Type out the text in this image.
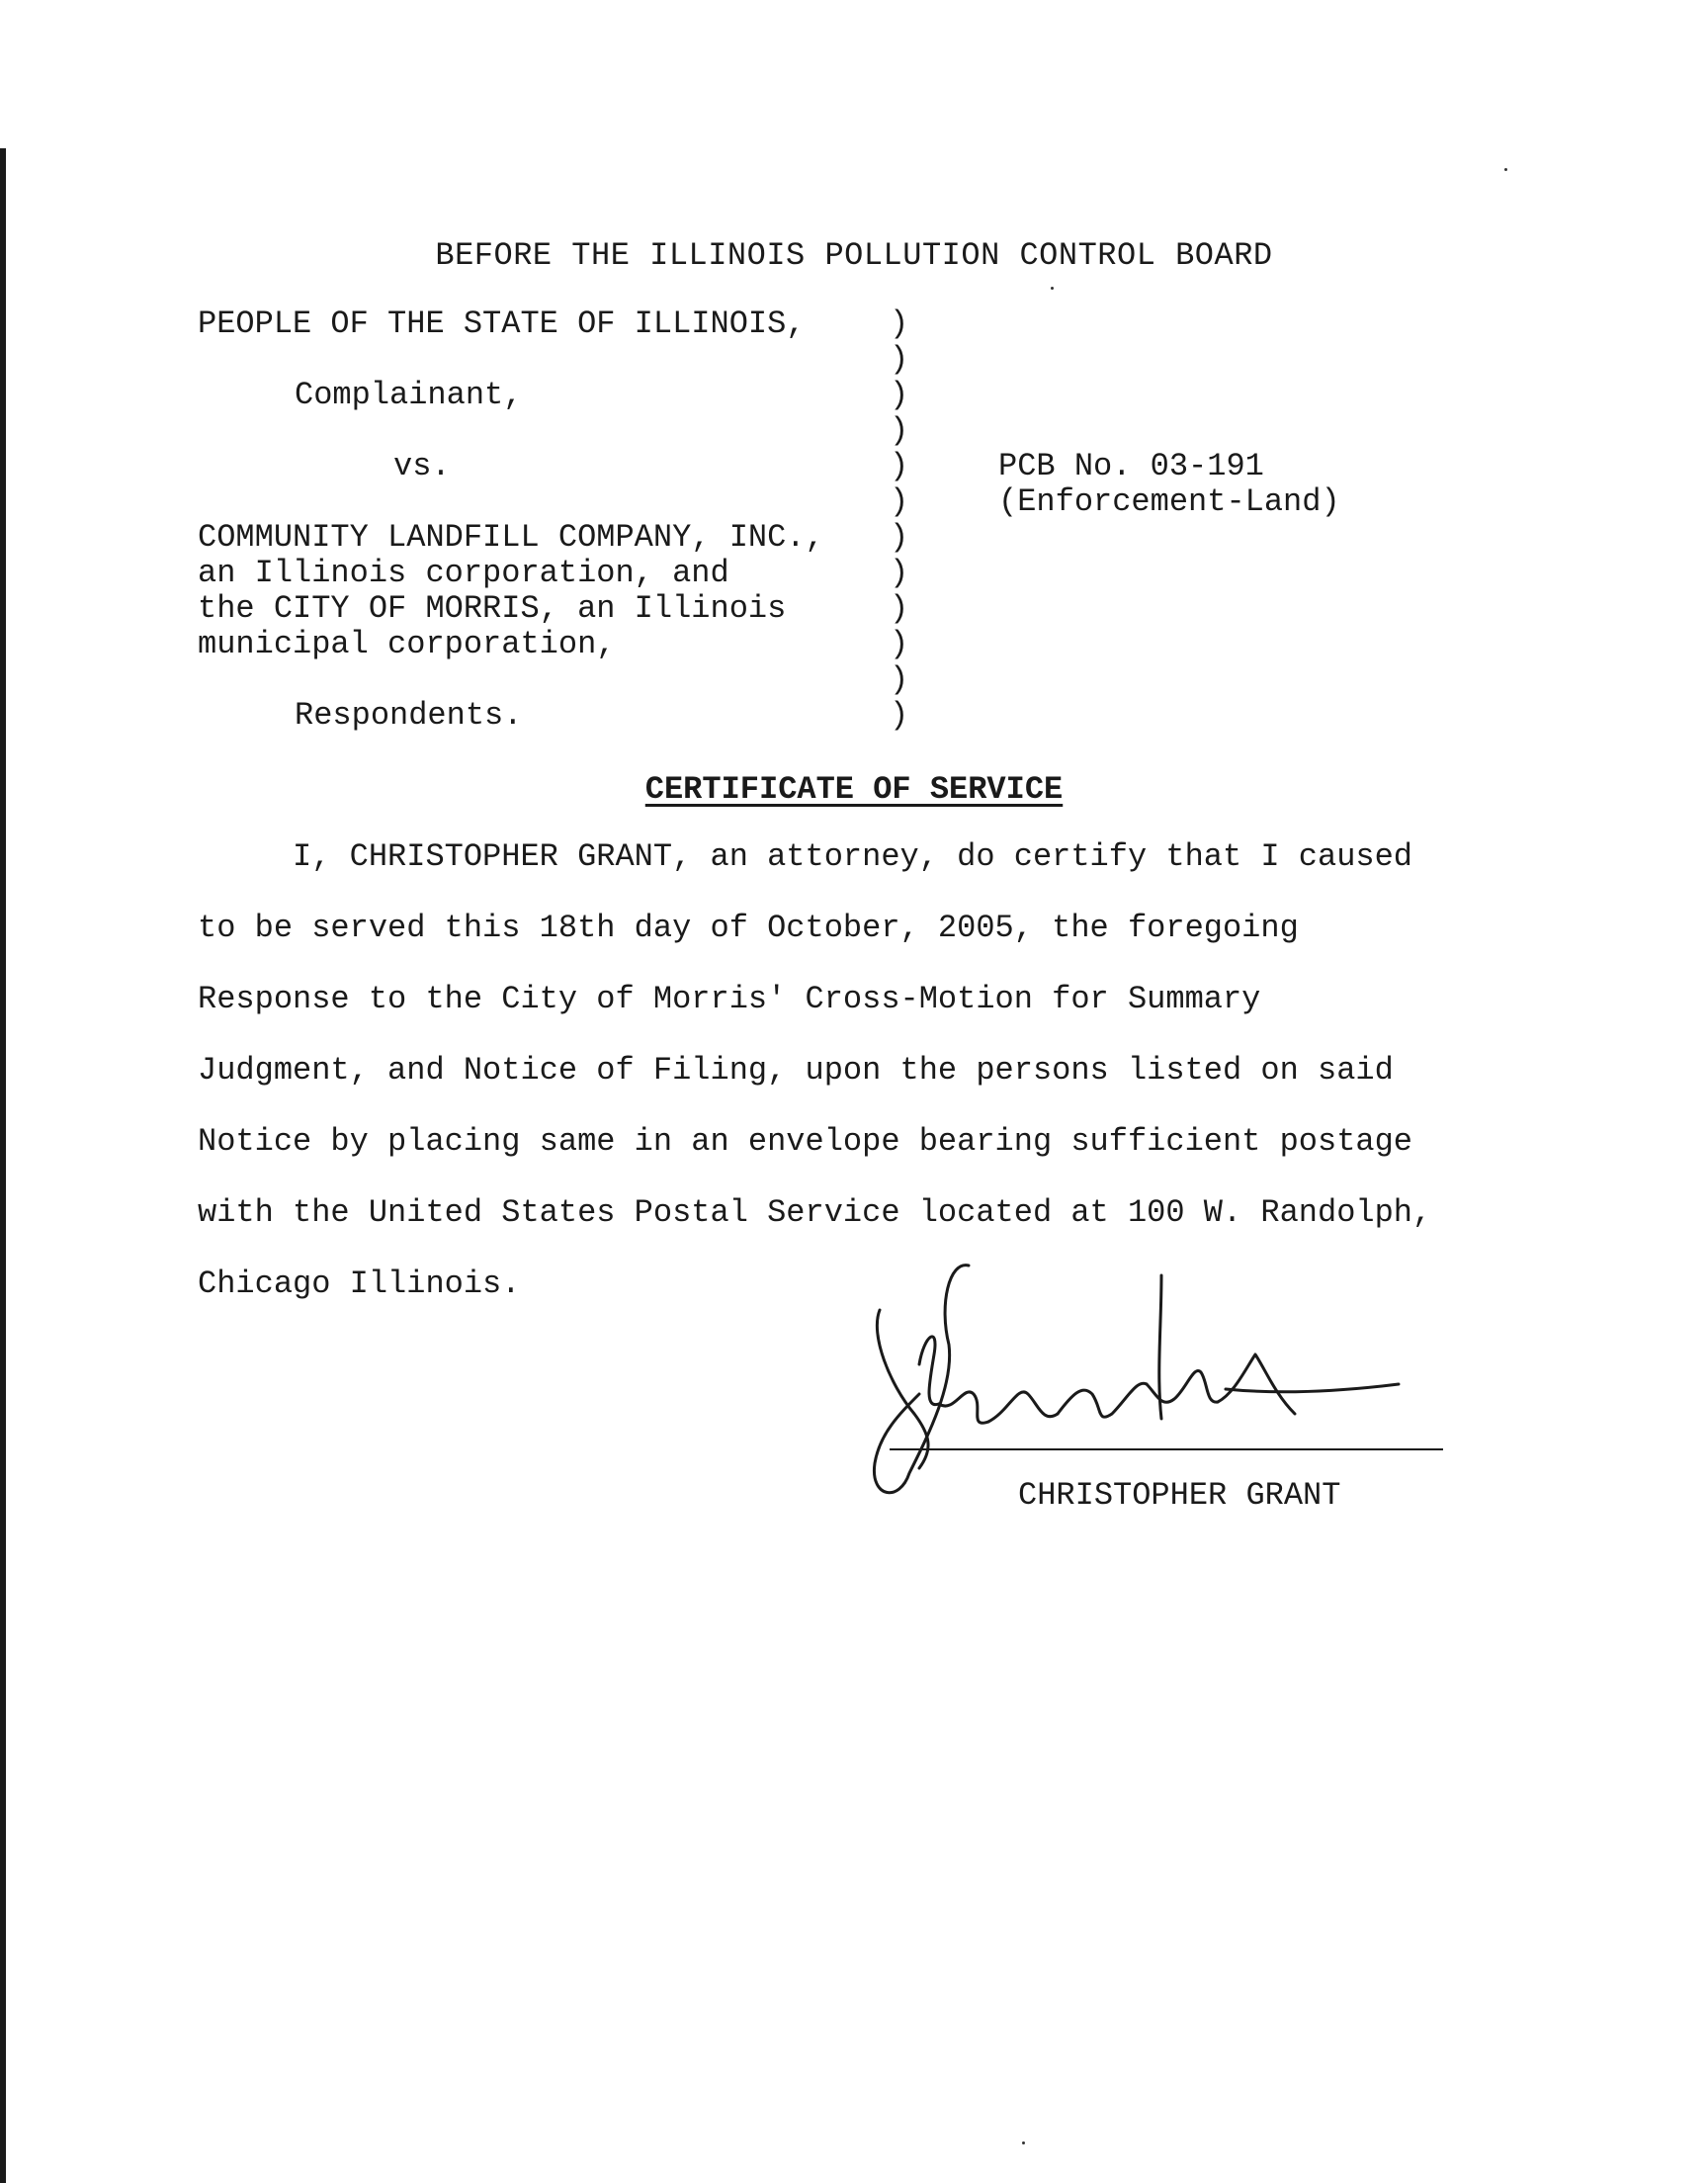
BEFORE THE ILLINOIS POLLUTION CONTROL BOARD
PEOPLE OF THE STATE OF ILLINOIS,
Complainant,
vs.
COMMUNITY LANDFILL COMPANY, INC.,
an Illinois corporation, and
the CITY OF MORRIS, an Illinois
municipal corporation,
Respondents.
)
)
)
)
)
)
)
)
)
)
)
)
PCB No. 03-191
(Enforcement-Land)
CERTIFICATE OF SERVICE
I, CHRISTOPHER GRANT, an attorney, do certify that I caused
to be served this 18th day of October, 2005, the foregoing
Response to the City of Morris' Cross-Motion for Summary
Judgment, and Notice of Filing, upon the persons listed on said
Notice by placing same in an envelope bearing sufficient postage
with the United States Postal Service located at 100 W. Randolph,
Chicago Illinois.
CHRISTOPHER GRANT
